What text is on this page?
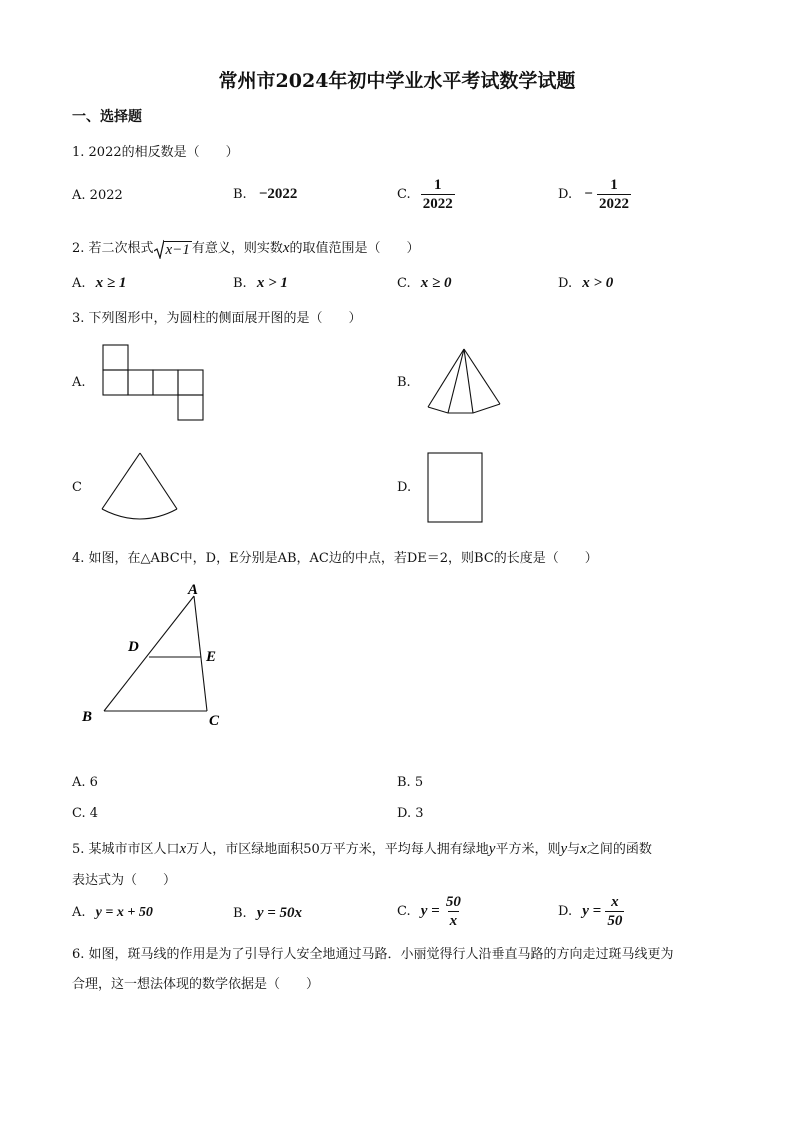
常州市2024年初中学业水平考试数学试题
一、选择题
1. 2022的相反数是（　　）
A. 2022	B. −2022	C. $\frac{1}{2022}$	D. − $\frac{1}{2022}$
2. 若二次根式 x−1 有意义，则实数x的取值范围是（　　）
A. x ≥ 1	B. x > 1	C. x ≥ 0	D. x > 0
3. 下列图形中，为圆柱的侧面展开图的是（　　）
A.	B.
C	D.
4. 如图，在△ABC中，D，E分别是AB，AC边的中点，若DE＝2，则BC的长度是（　　）
A
D
E
B	C
A. 6	B. 5
C. 4	D. 3
5. 某城市市区人口x万人，市区绿地面积50万平方米，平均每人拥有绿地y平方米，则y与x之间的函数
表达式为（　　）
A. y = x + 50	B. y = 50x	C. $y = \frac{50}{x}$	D. $y = \frac{x}{50}$
6. 如图，斑马线的作用是为了引导行人安全地通过马路．小丽觉得行人沿垂直马路的方向走过斑马线更为
合理，这一想法体现的数学依据是（　　）
